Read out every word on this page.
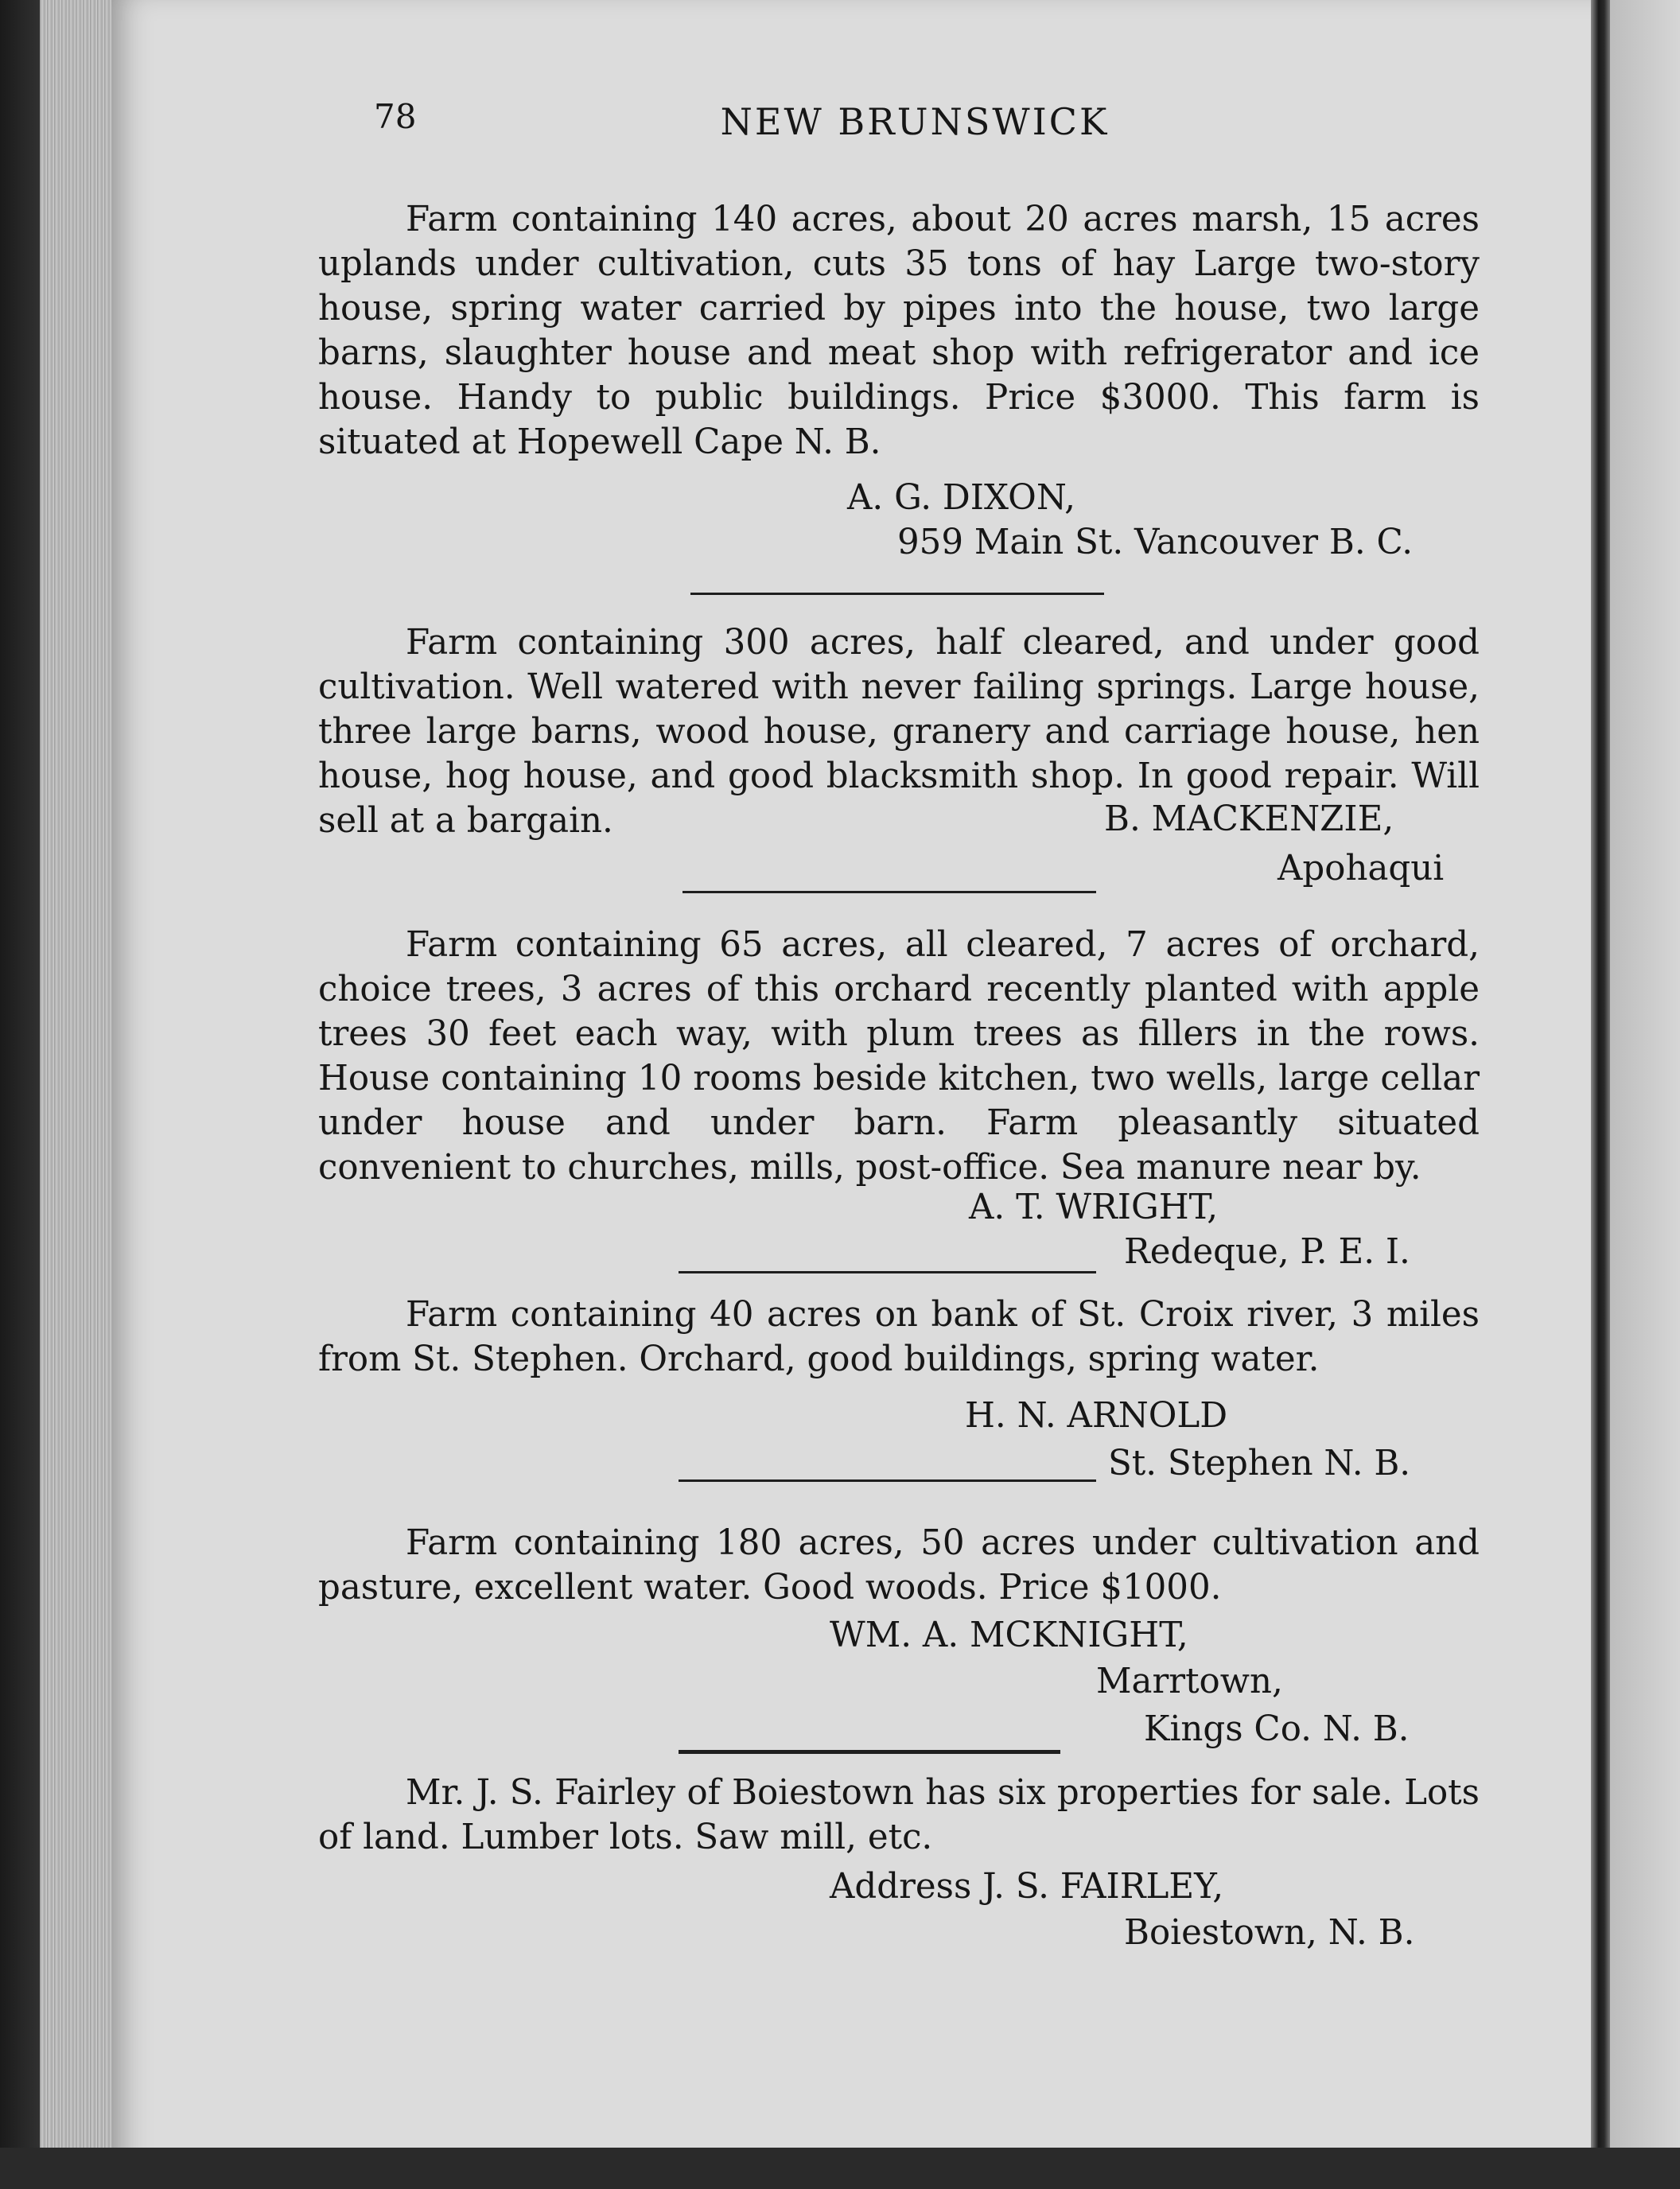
78	NEW BRUNSWICK

Farm containing 140 acres, about 20 acres marsh, 15 acres uplands under cultivation, cuts 35 tons of hay Large two-story house, spring water carried by pipes into the house, two large barns, slaughter house and meat shop with refrigerator and ice house. Handy to public buildings. Price $3000. This farm is situated at Hopewell Cape N. B.

A. G. DIXON,
959 Main St. Vancouver B. C.

Farm containing 300 acres, half cleared, and under good cultivation. Well watered with never failing springs. Large house, three large barns, wood house, granery and carriage house, hen house, hog house, and good blacksmith shop. In good repair. Will sell at a bargain.	B. MACKENZIE,
Apohaqui

Farm containing 65 acres, all cleared, 7 acres of orchard, choice trees, 3 acres of this orchard recently planted with apple trees 30 feet each way, with plum trees as fillers in the rows. House containing 10 rooms beside kitchen, two wells, large cellar under house and under barn. Farm pleasantly situated convenient to churches, mills, post-office. Sea manure near by.

A. T. WRIGHT,
Redeque, P. E. I.

Farm containing 40 acres on bank of St. Croix river, 3 miles from St. Stephen. Orchard, good buildings, spring water.

H. N. ARNOLD
St. Stephen N. B.

Farm containing 180 acres, 50 acres under cultivation and pasture, excellent water. Good woods. Price $1000.

WM. A. MCKNIGHT,
Marrtown,
Kings Co. N. B.

Mr. J. S. Fairley of Boiestown has six properties for sale. Lots of land. Lumber lots. Saw mill, etc.

Address J. S. FAIRLEY,
Boiestown, N. B.
